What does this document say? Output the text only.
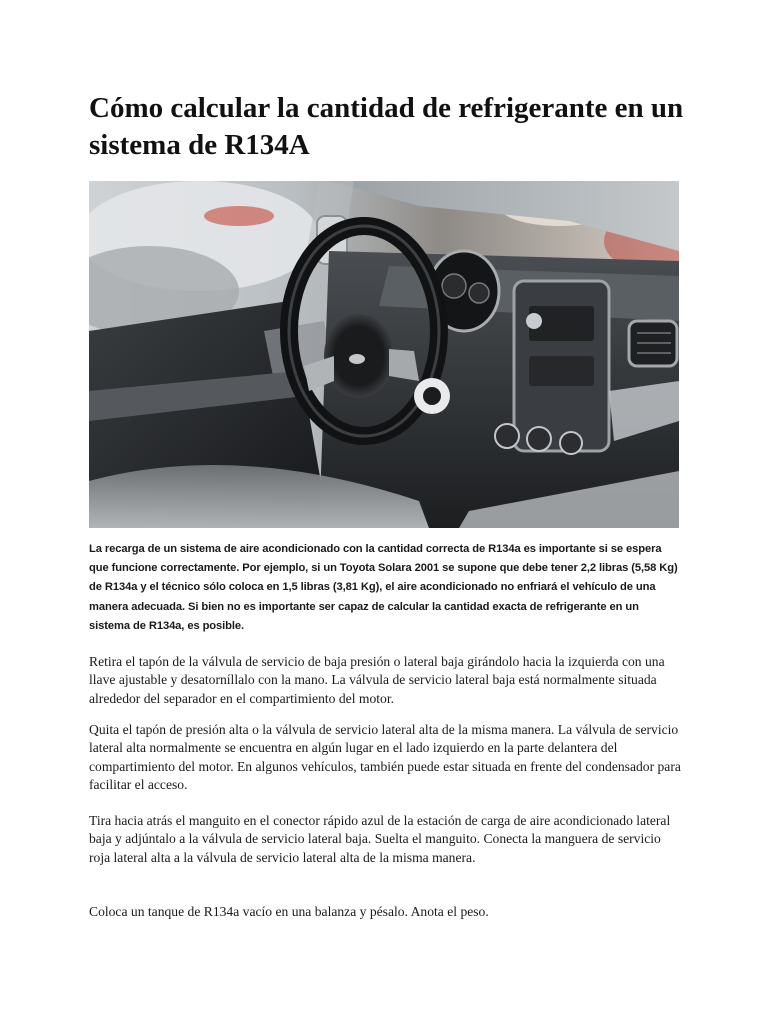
Cómo calcular la cantidad de refrigerante en un sistema de R134A

La recarga de un sistema de aire acondicionado con la cantidad correcta de R134a es importante si se espera que funcione correctamente. Por ejemplo, si un Toyota Solara 2001 se supone que debe tener 2,2 libras (5,58 Kg) de R134a y el técnico sólo coloca en 1,5 libras (3,81 Kg), el aire acondicionado no enfriará el vehículo de una manera adecuada. Si bien no es importante ser capaz de calcular la cantidad exacta de refrigerante en un sistema de R134a, es posible.

Retira el tapón de la válvula de servicio de baja presión o lateral baja girándolo hacia la izquierda con una llave ajustable y desatorníllalo con la mano. La válvula de servicio lateral baja está normalmente situada alrededor del separador en el compartimiento del motor.

Quita el tapón de presión alta o la válvula de servicio lateral alta de la misma manera. La válvula de servicio lateral alta normalmente se encuentra en algún lugar en el lado izquierdo en la parte delantera del compartimiento del motor. En algunos vehículos, también puede estar situada en frente del condensador para facilitar el acceso.

Tira hacia atrás el manguito en el conector rápido azul de la estación de carga de aire acondicionado lateral baja y adjúntalo a la válvula de servicio lateral baja. Suelta el manguito. Conecta la manguera de servicio roja lateral alta a la válvula de servicio lateral alta de la misma manera.

Coloca un tanque de R134a vacío en una balanza y pésalo. Anota el peso.
